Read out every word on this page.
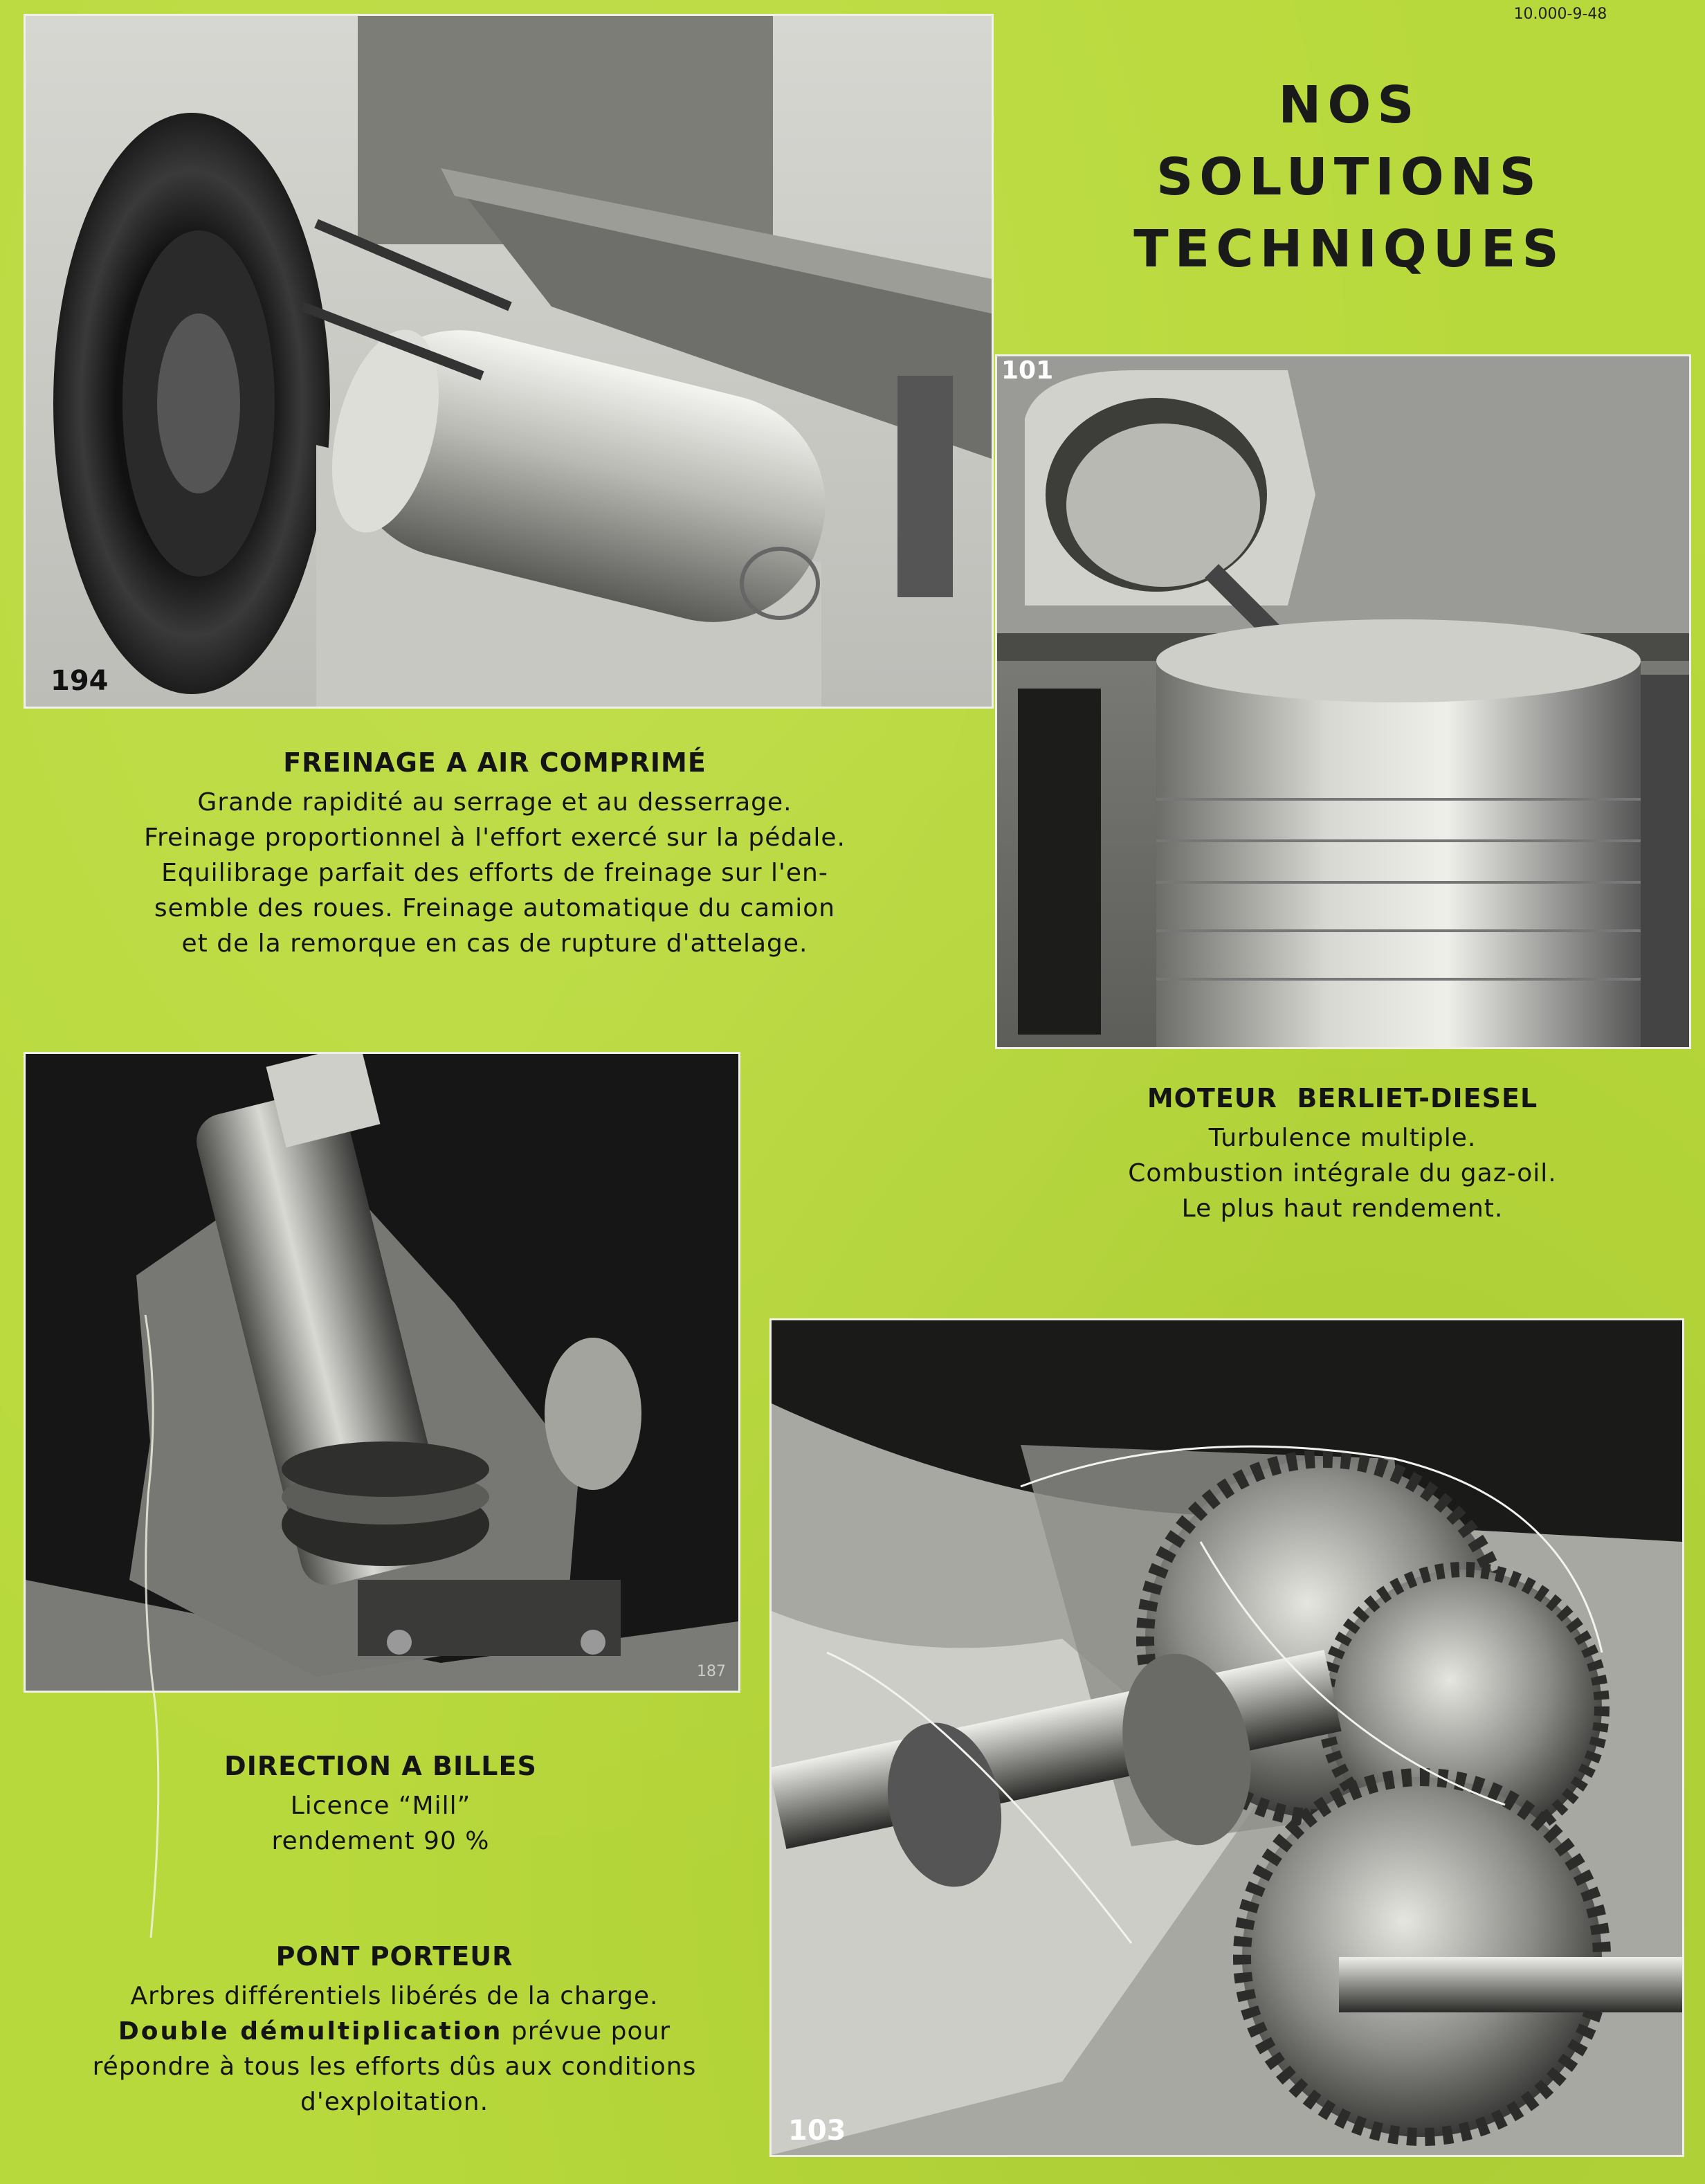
10.000-9-48
NOS
SOLUTIONS
TECHNIQUES
194
101
187
103
FREINAGE A AIR COMPRIMÉ
Grande rapidité au serrage et au desserrage.
Freinage proportionnel à l'effort exercé sur la pédale.
Equilibrage parfait des efforts de freinage sur l'en-
semble des roues. Freinage automatique du camion
et de la remorque en cas de rupture d'attelage.
MOTEUR  BERLIET-DIESEL
Turbulence multiple.
Combustion intégrale du gaz-oil.
Le plus haut rendement.
DIRECTION A BILLES
Licence “Mill”
rendement 90 %
PONT PORTEUR
Arbres différentiels libérés de la charge.
Double démultiplication prévue pour
répondre à tous les efforts dûs aux conditions
d'exploitation.
